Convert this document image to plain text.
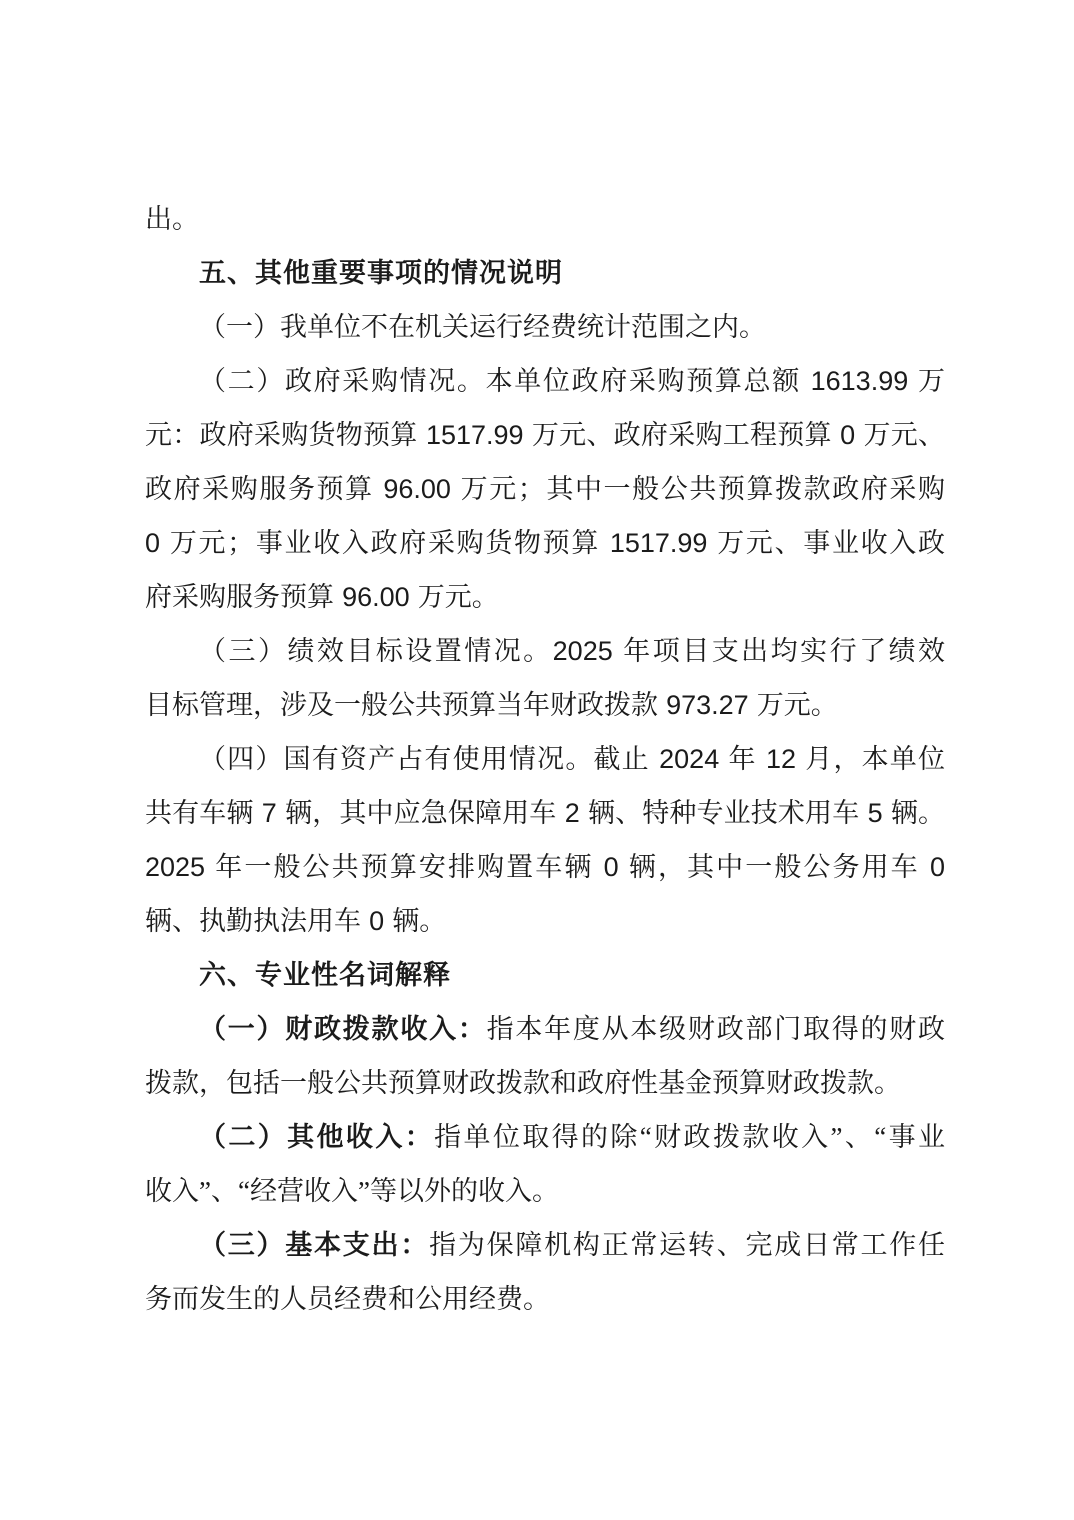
出。
五、其他重要事项的情况说明
（一）我单位不在机关运行经费统计范围之内。
（二）政府采购情况。本单位政府采购预算总额 1613.99 万
元：政府采购货物预算 1517.99 万元、政府采购工程预算 0 万元、
政府采购服务预算 96.00 万元；其中一般公共预算拨款政府采购
0 万元；事业收入政府采购货物预算 1517.99 万元、事业收入政
府采购服务预算 96.00 万元。
（三）绩效目标设置情况。2025 年项目支出均实行了绩效
目标管理，涉及一般公共预算当年财政拨款 973.27 万元。
（四）国有资产占有使用情况。截止 2024 年 12 月，本单位
共有车辆 7 辆，其中应急保障用车 2 辆、特种专业技术用车 5 辆。
2025 年一般公共预算安排购置车辆 0 辆，其中一般公务用车 0
辆、执勤执法用车 0 辆。
六、专业性名词解释
（一）财政拨款收入：指本年度从本级财政部门取得的财政
拨款，包括一般公共预算财政拨款和政府性基金预算财政拨款。
（二）其他收入：指单位取得的除“财政拨款收入”、“事业
收入”、“经营收入”等以外的收入。
（三）基本支出：指为保障机构正常运转、完成日常工作任
务而发生的人员经费和公用经费。
